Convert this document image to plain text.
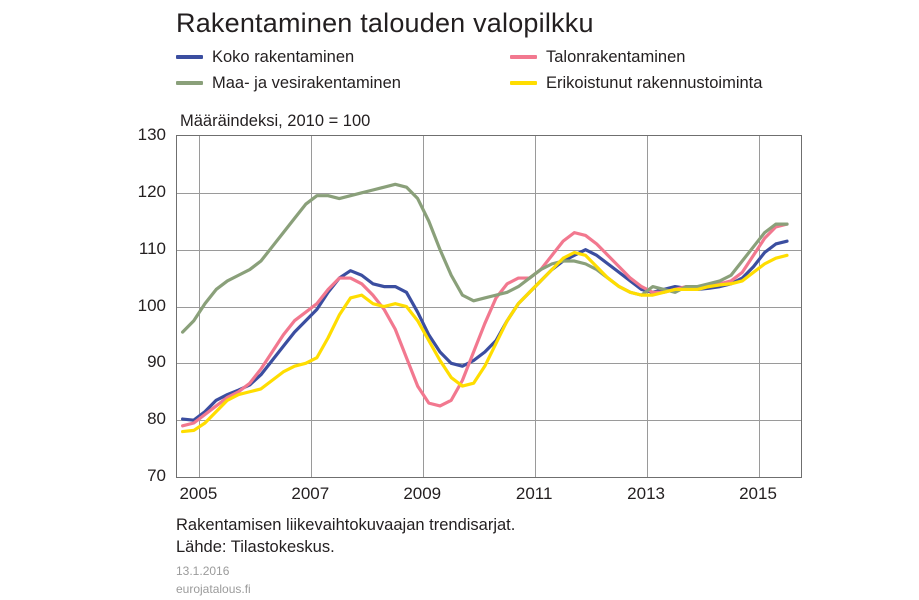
Rakentaminen talouden valopilkku
Koko rakentaminen	Talonrakentaminen
Maa- ja vesirakentaminen	Erikoistunut rakennustoiminta
Määräindeksi, 2010 = 100
Rakentamisen liikevaihtokuvaajan trendisarjat.
Lähde: Tilastokeskus.
13.1.2016
eurojatalous.fi
70
80
90
100
110
120
130
2005	2007	2009	2011	2013	2015
